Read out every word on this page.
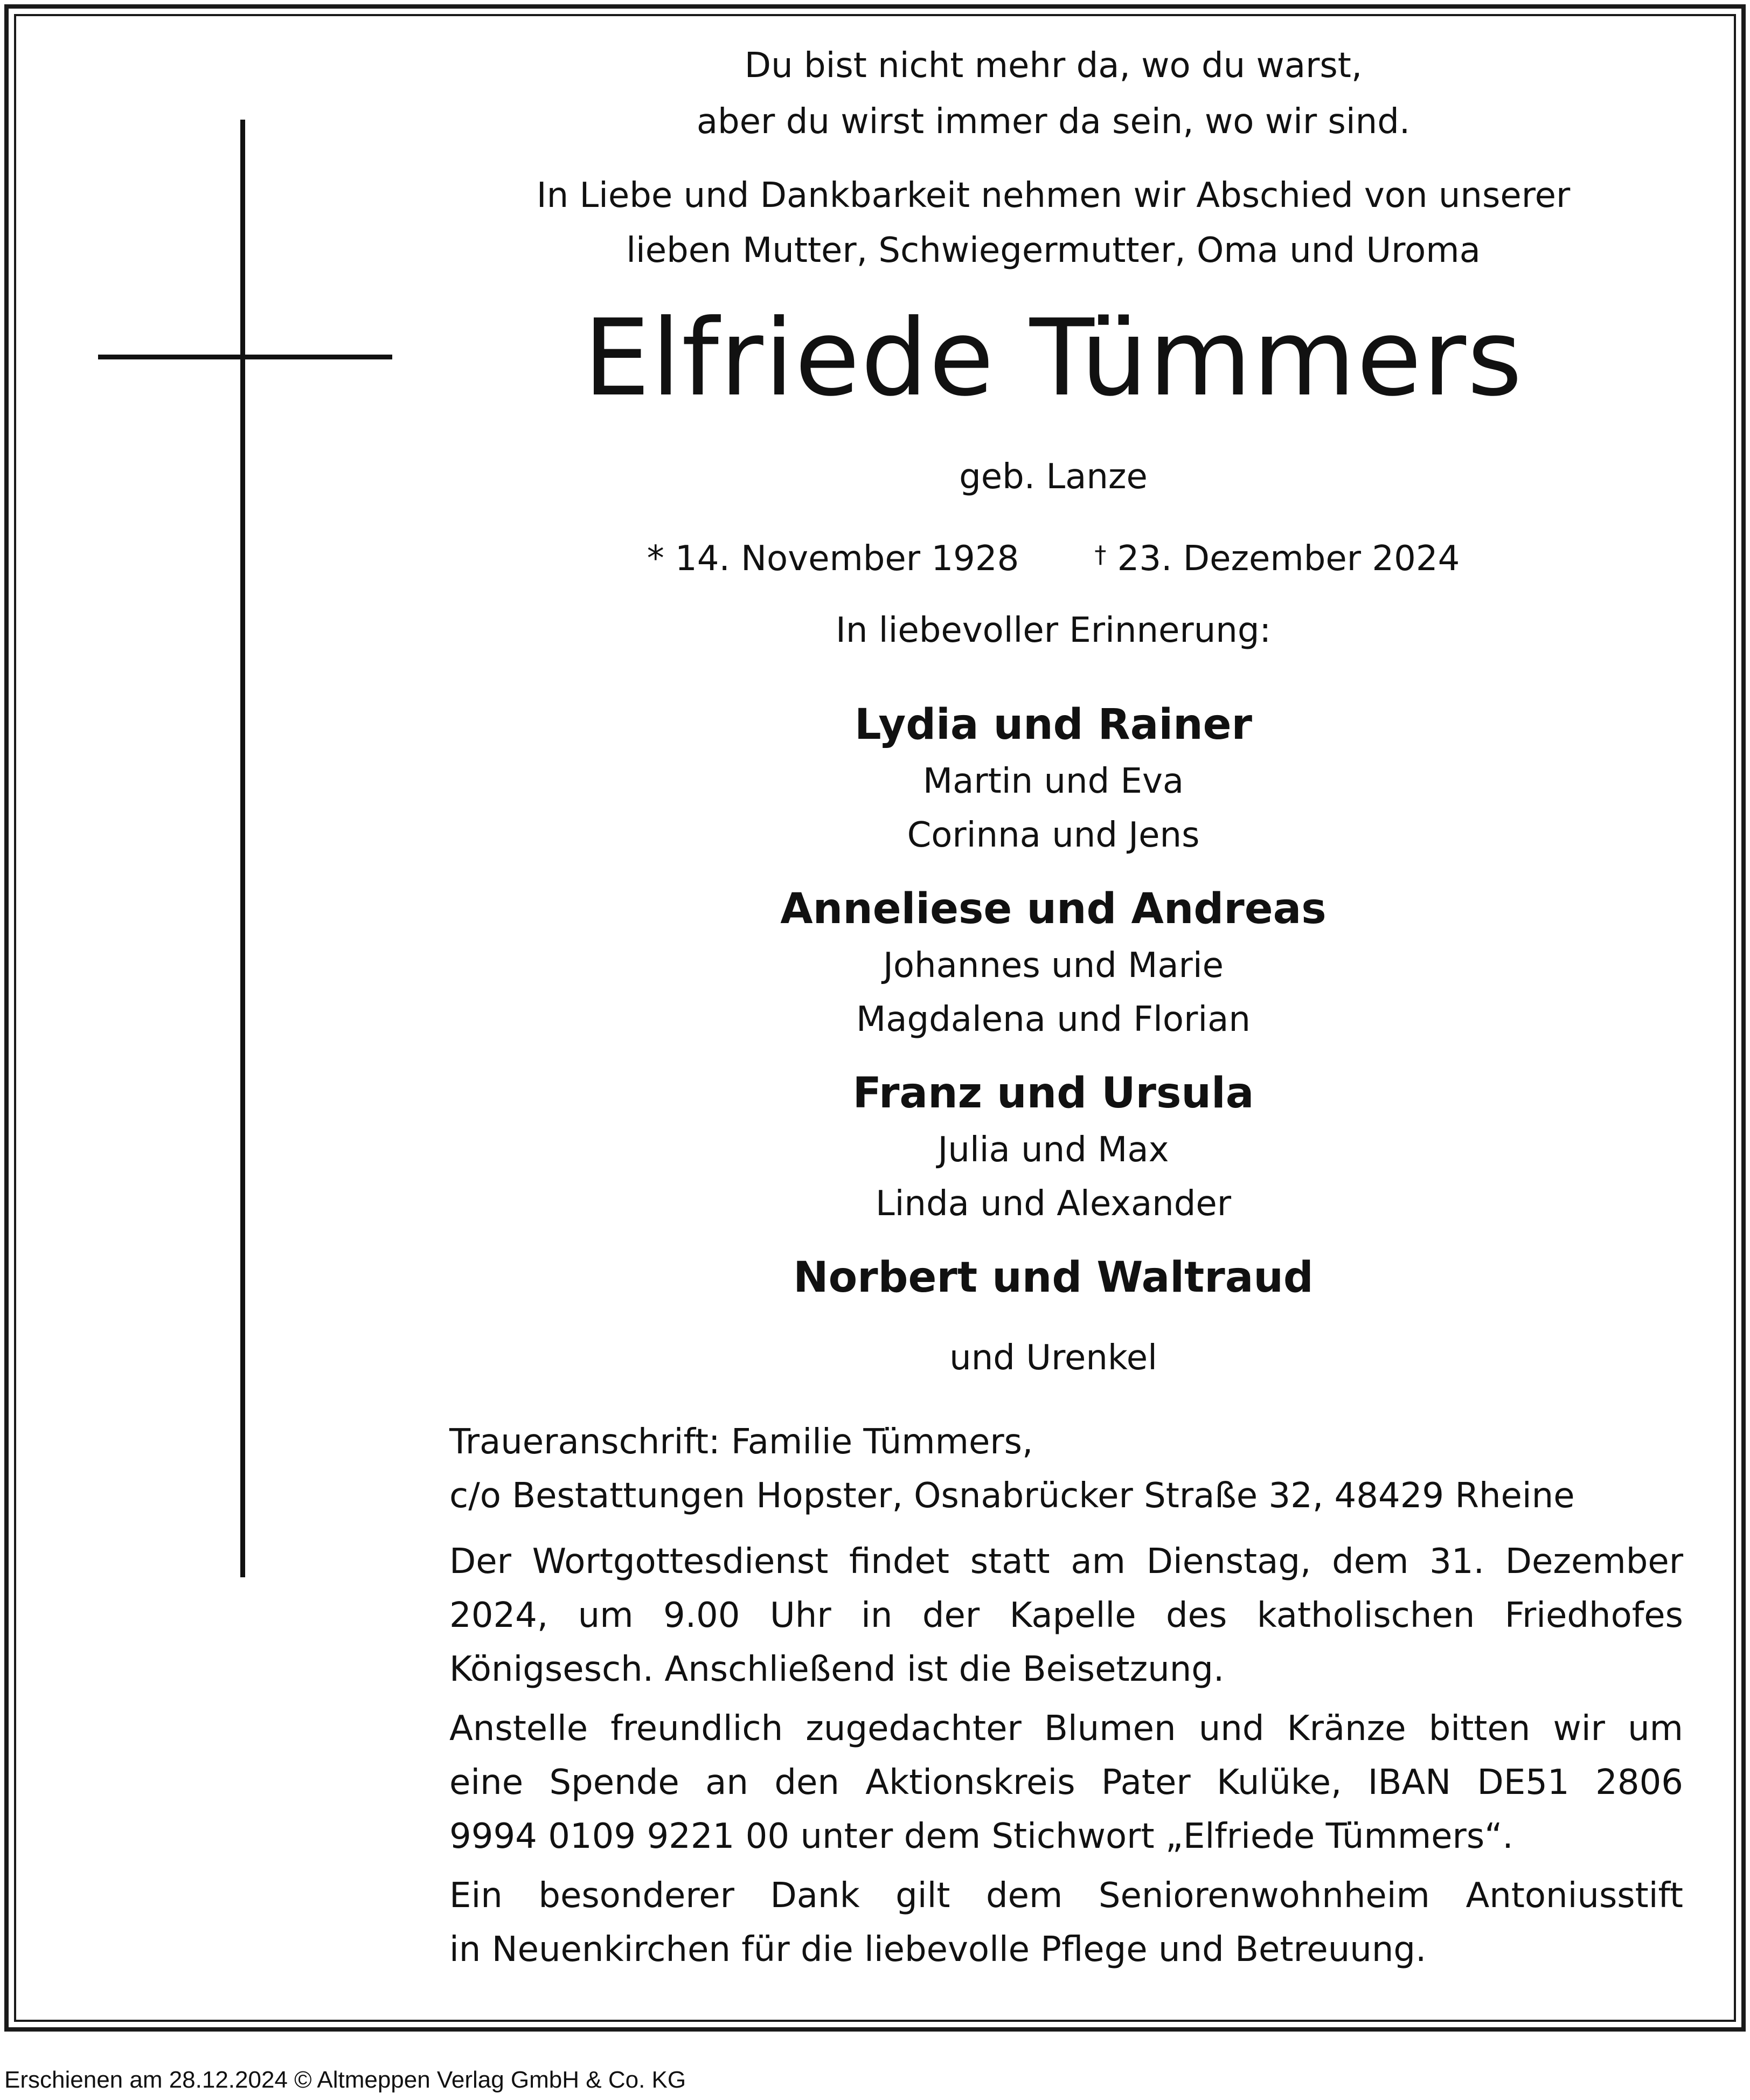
Du bist nicht mehr da, wo du warst,
aber du wirst immer da sein, wo wir sind.
In Liebe und Dankbarkeit nehmen wir Abschied von unserer
lieben Mutter, Schwiegermutter, Oma und Uroma
Elfriede Tümmers
geb. Lanze
* 14. November 1928	† 23. Dezember 2024
In liebevoller Erinnerung:
Lydia und Rainer
Martin und Eva
Corinna und Jens
Anneliese und Andreas
Johannes und Marie
Magdalena und Florian
Franz und Ursula
Julia und Max
Linda und Alexander
Norbert und Waltraud
und Urenkel
Traueranschrift: Familie Tümmers,
c/o Bestattungen Hopster, Osnabrücker Straße 32, 48429 Rheine
Der Wortgottesdienst findet statt am Dienstag, dem 31. Dezember
2024, um 9.00 Uhr in der Kapelle des katholischen Friedhofes
Königsesch. Anschließend ist die Beisetzung.
Anstelle freundlich zugedachter Blumen und Kränze bitten wir um
eine Spende an den Aktionskreis Pater Kulüke, IBAN DE51 2806
9994 0109 9221 00 unter dem Stichwort „Elfriede Tümmers“.
Ein besonderer Dank gilt dem Seniorenwohnheim Antoniusstift
in Neuenkirchen für die liebevolle Pflege und Betreuung.
Erschienen am 28.12.2024 © Altmeppen Verlag GmbH & Co. KG
